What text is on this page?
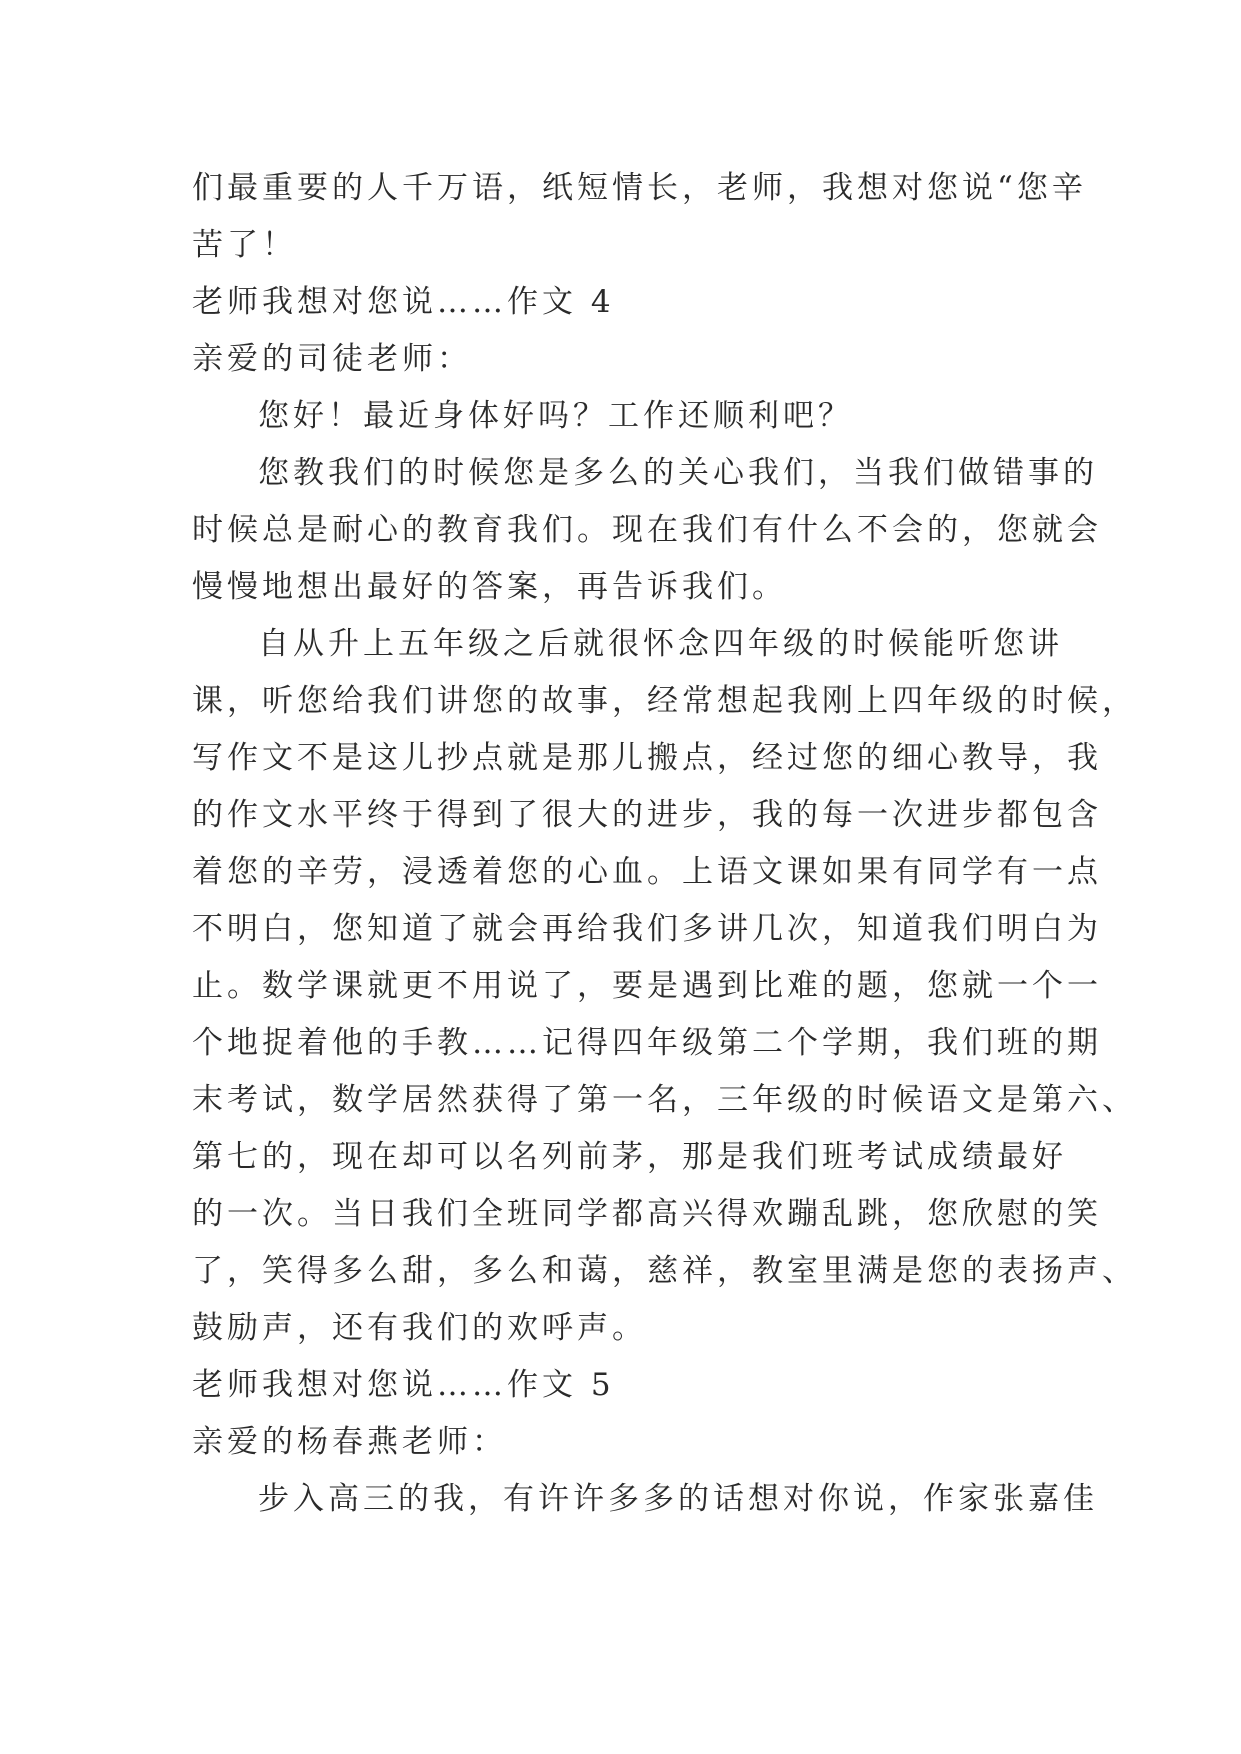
们最重要的人千万语，纸短情长，老师，我想对您说“您辛
苦了！

老师我想对您说……作文 4

亲爱的司徒老师：

您好！最近身体好吗？工作还顺利吧？

您教我们的时候您是多么的关心我们，当我们做错事的
时候总是耐心的教育我们。现在我们有什么不会的，您就会
慢慢地想出最好的答案，再告诉我们。

自从升上五年级之后就很怀念四年级的时候能听您讲
课，听您给我们讲您的故事，经常想起我刚上四年级的时候，
写作文不是这儿抄点就是那儿搬点，经过您的细心教导，我
的作文水平终于得到了很大的进步，我的每一次进步都包含
着您的辛劳，浸透着您的心血。上语文课如果有同学有一点
不明白，您知道了就会再给我们多讲几次，知道我们明白为
止。数学课就更不用说了，要是遇到比难的题，您就一个一
个地捉着他的手教……记得四年级第二个学期，我们班的期
末考试，数学居然获得了第一名，三年级的时候语文是第六、
第七的，现在却可以名列前茅，那是我们班考试成绩最好
的一次。当日我们全班同学都高兴得欢蹦乱跳，您欣慰的笑
了，笑得多么甜，多么和蔼，慈祥，教室里满是您的表扬声、
鼓励声，还有我们的欢呼声。

老师我想对您说……作文 5

亲爱的杨春燕老师：

步入高三的我，有许许多多的话想对你说，作家张嘉佳
